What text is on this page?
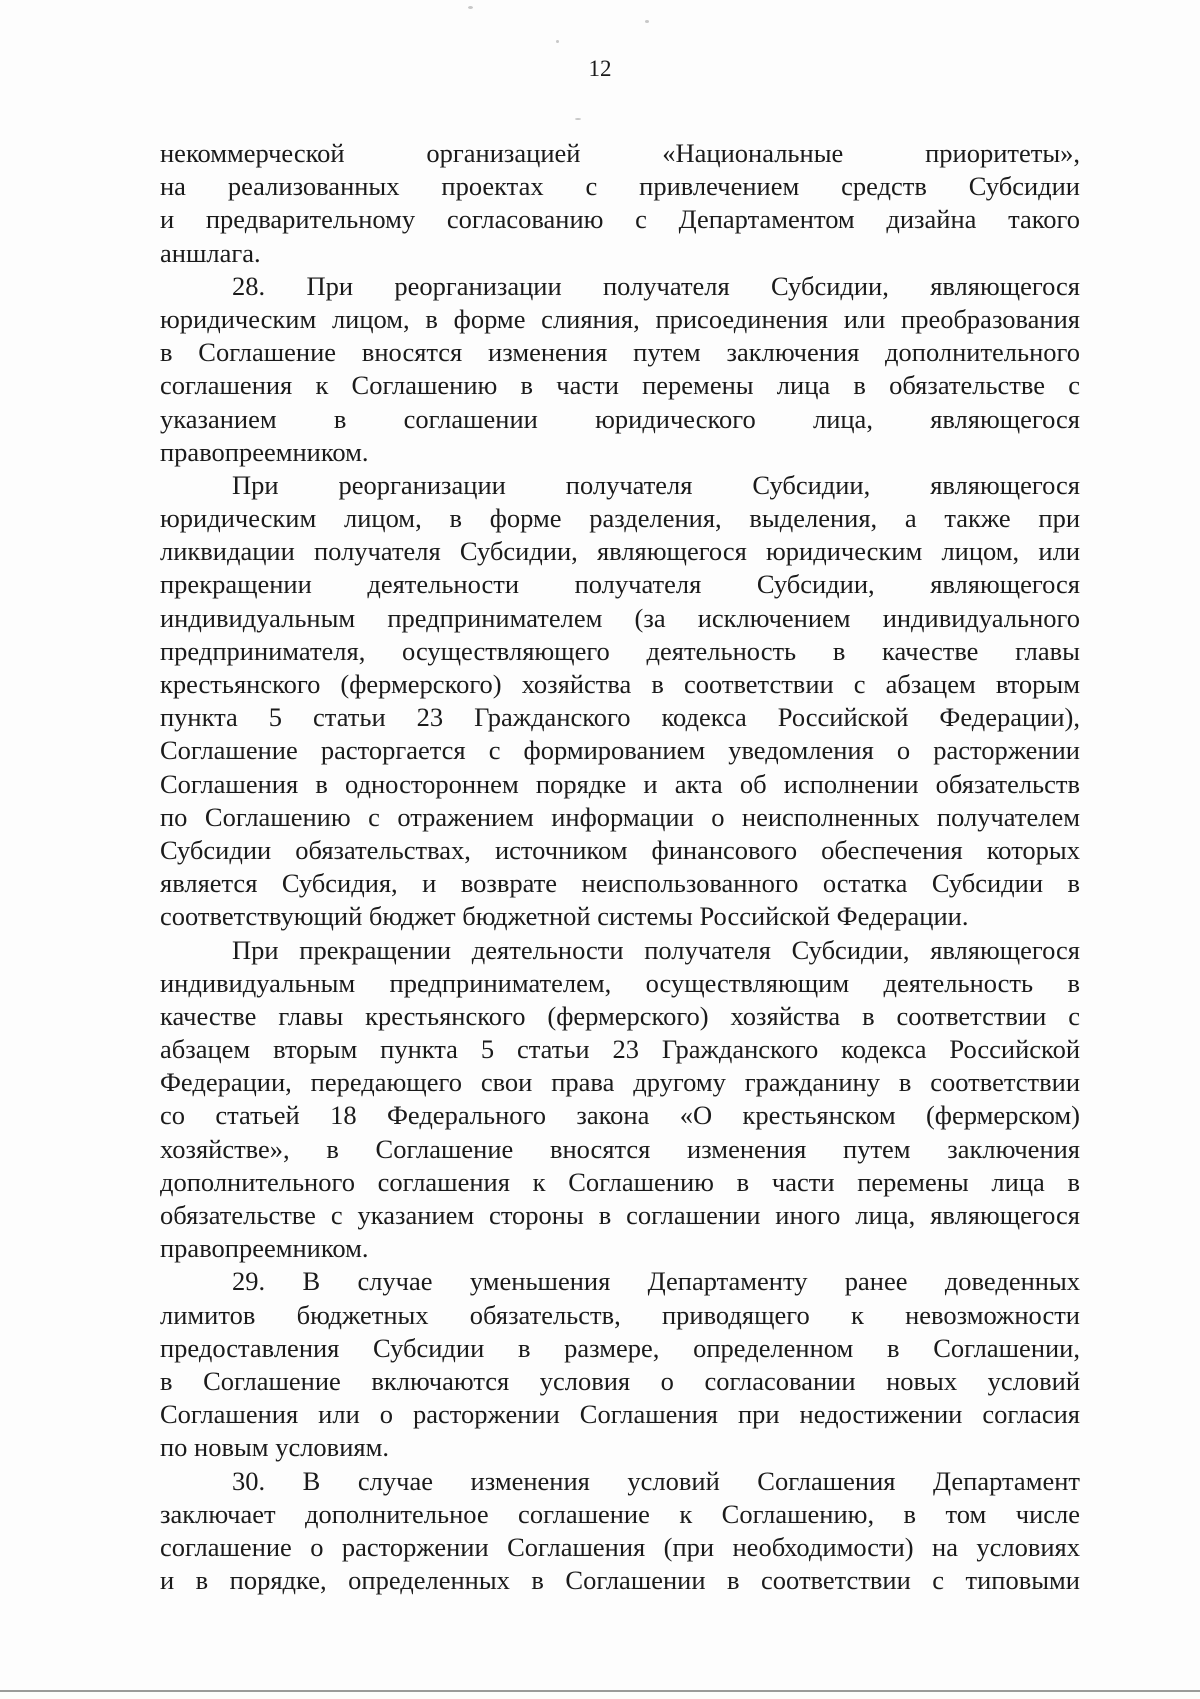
12
некоммерческой организацией «Национальные приоритеты»,
на реализованных проектах с привлечением средств Субсидии
и предварительному согласованию с Департаментом дизайна такого
аншлага.
28. При реорганизации получателя Субсидии, являющегося
юридическим лицом, в форме слияния, присоединения или преобразования
в Соглашение вносятся изменения путем заключения дополнительного
соглашения к Соглашению в части перемены лица в обязательстве с
указанием в соглашении юридического лица, являющегося
правопреемником.
При реорганизации получателя Субсидии, являющегося
юридическим лицом, в форме разделения, выделения, а также при
ликвидации получателя Субсидии, являющегося юридическим лицом, или
прекращении деятельности получателя Субсидии, являющегося
индивидуальным предпринимателем (за исключением индивидуального
предпринимателя, осуществляющего деятельность в качестве главы
крестьянского (фермерского) хозяйства в соответствии с абзацем вторым
пункта 5 статьи 23 Гражданского кодекса Российской Федерации),
Соглашение расторгается с формированием уведомления о расторжении
Соглашения в одностороннем порядке и акта об исполнении обязательств
по Соглашению с отражением информации о неисполненных получателем
Субсидии обязательствах, источником финансового обеспечения которых
является Субсидия, и возврате неиспользованного остатка Субсидии в
соответствующий бюджет бюджетной системы Российской Федерации.
При прекращении деятельности получателя Субсидии, являющегося
индивидуальным предпринимателем, осуществляющим деятельность в
качестве главы крестьянского (фермерского) хозяйства в соответствии с
абзацем вторым пункта 5 статьи 23 Гражданского кодекса Российской
Федерации, передающего свои права другому гражданину в соответствии
со статьей 18 Федерального закона «О крестьянском (фермерском)
хозяйстве», в Соглашение вносятся изменения путем заключения
дополнительного соглашения к Соглашению в части перемены лица в
обязательстве с указанием стороны в соглашении иного лица, являющегося
правопреемником.
29. В случае уменьшения Департаменту ранее доведенных
лимитов бюджетных обязательств, приводящего к невозможности
предоставления Субсидии в размере, определенном в Соглашении,
в Соглашение включаются условия о согласовании новых условий
Соглашения или о расторжении Соглашения при недостижении согласия
по новым условиям.
30. В случае изменения условий Соглашения Департамент
заключает дополнительное соглашение к Соглашению, в том числе
соглашение о расторжении Соглашения (при необходимости) на условиях
и в порядке, определенных в Соглашении в соответствии с типовыми
